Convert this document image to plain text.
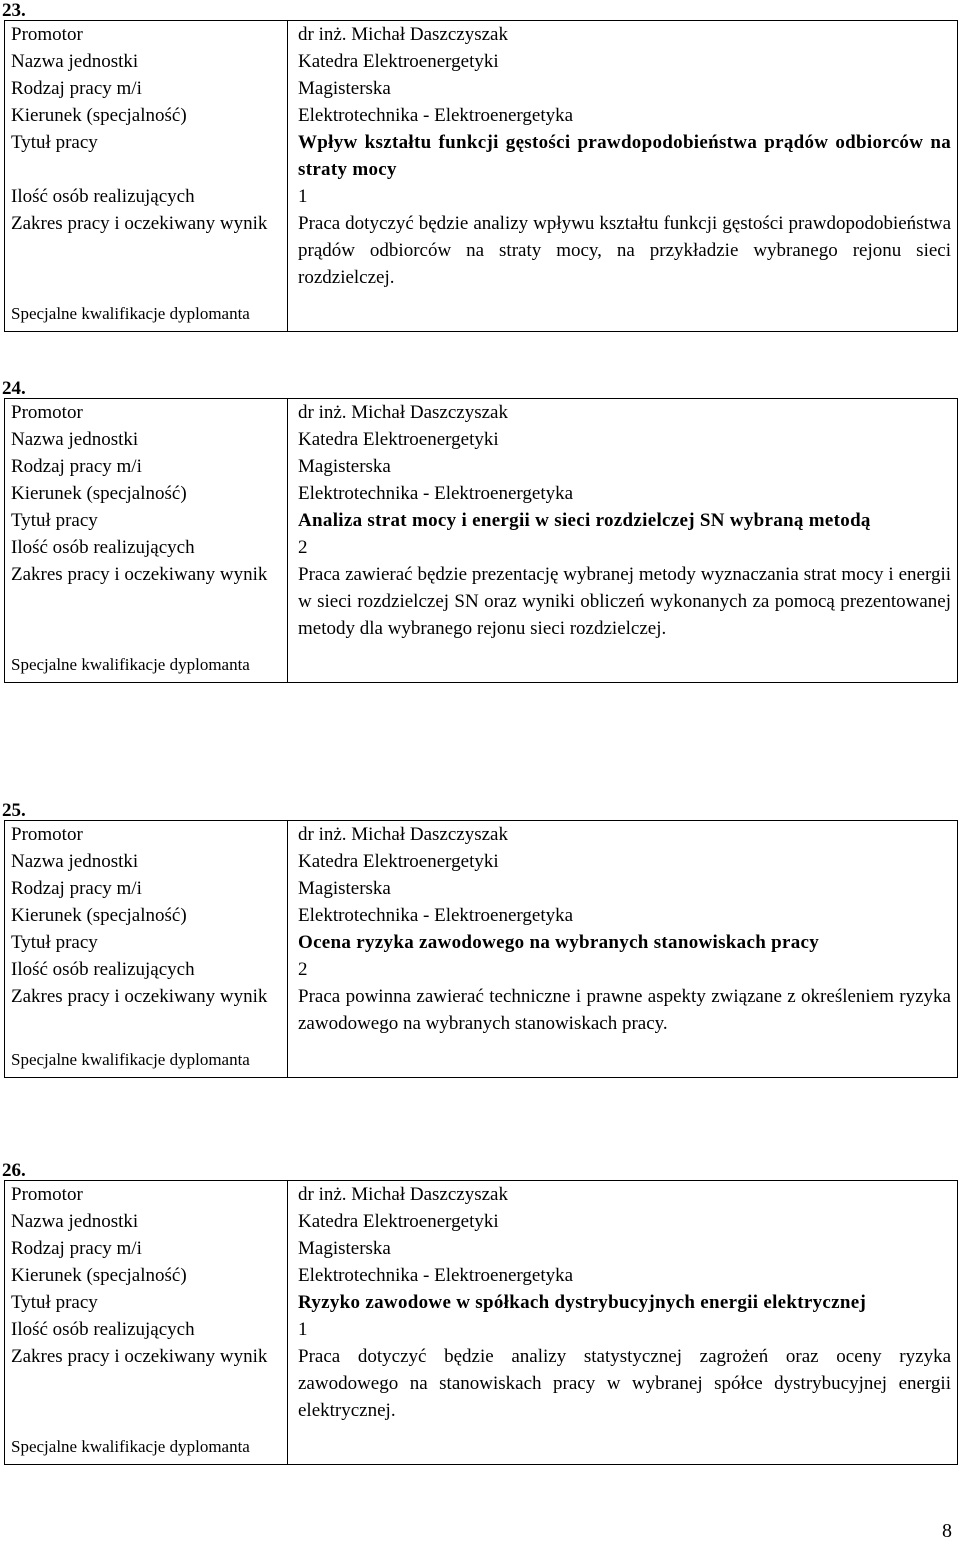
23.
Promotor	dr inż. Michał Daszczyszak
Nazwa jednostki	Katedra Elektroenergetyki
Rodzaj pracy m/i	Magisterska
Kierunek (specjalność)	Elektrotechnika - Elektroenergetyka
Tytuł pracy	Wpływ kształtu funkcji gęstości prawdopodobieństwa prądów odbiorców na straty mocy
Ilość osób realizujących	1
Zakres pracy i oczekiwany wynik	Praca dotyczyć będzie analizy wpływu kształtu funkcji gęstości prawdopodobieństwa prądów odbiorców na straty mocy, na przykładzie wybranego rejonu sieci rozdzielczej.

Specjalne kwalifikacje dyplomanta	

24.
Promotor	dr inż. Michał Daszczyszak
Nazwa jednostki	Katedra Elektroenergetyki
Rodzaj pracy m/i	Magisterska
Kierunek (specjalność)	Elektrotechnika - Elektroenergetyka
Tytuł pracy	Analiza strat mocy i energii w sieci rozdzielczej SN wybraną metodą
Ilość osób realizujących	2
Zakres pracy i oczekiwany wynik	Praca zawierać będzie prezentację wybranej metody wyznaczania strat mocy i energii w sieci rozdzielczej SN oraz wyniki obliczeń wykonanych za pomocą prezentowanej metody dla wybranego rejonu sieci rozdzielczej.

Specjalne kwalifikacje dyplomanta	

25.
Promotor	dr inż. Michał Daszczyszak
Nazwa jednostki	Katedra Elektroenergetyki
Rodzaj pracy m/i	Magisterska
Kierunek (specjalność)	Elektrotechnika - Elektroenergetyka
Tytuł pracy	Ocena ryzyka zawodowego na wybranych stanowiskach pracy
Ilość osób realizujących	2
Zakres pracy i oczekiwany wynik	Praca powinna zawierać techniczne i prawne aspekty związane z określeniem ryzyka zawodowego na wybranych stanowiskach pracy.

Specjalne kwalifikacje dyplomanta	

26.
Promotor	dr inż. Michał Daszczyszak
Nazwa jednostki	Katedra Elektroenergetyki
Rodzaj pracy m/i	Magisterska
Kierunek (specjalność)	Elektrotechnika - Elektroenergetyka
Tytuł pracy	Ryzyko zawodowe w spółkach dystrybucyjnych energii elektrycznej
Ilość osób realizujących	1
Zakres pracy i oczekiwany wynik	Praca dotyczyć będzie analizy statystycznej zagrożeń oraz oceny ryzyka zawodowego na stanowiskach pracy w wybranej spółce dystrybucyjnej energii elektrycznej.

Specjalne kwalifikacje dyplomanta	

8
